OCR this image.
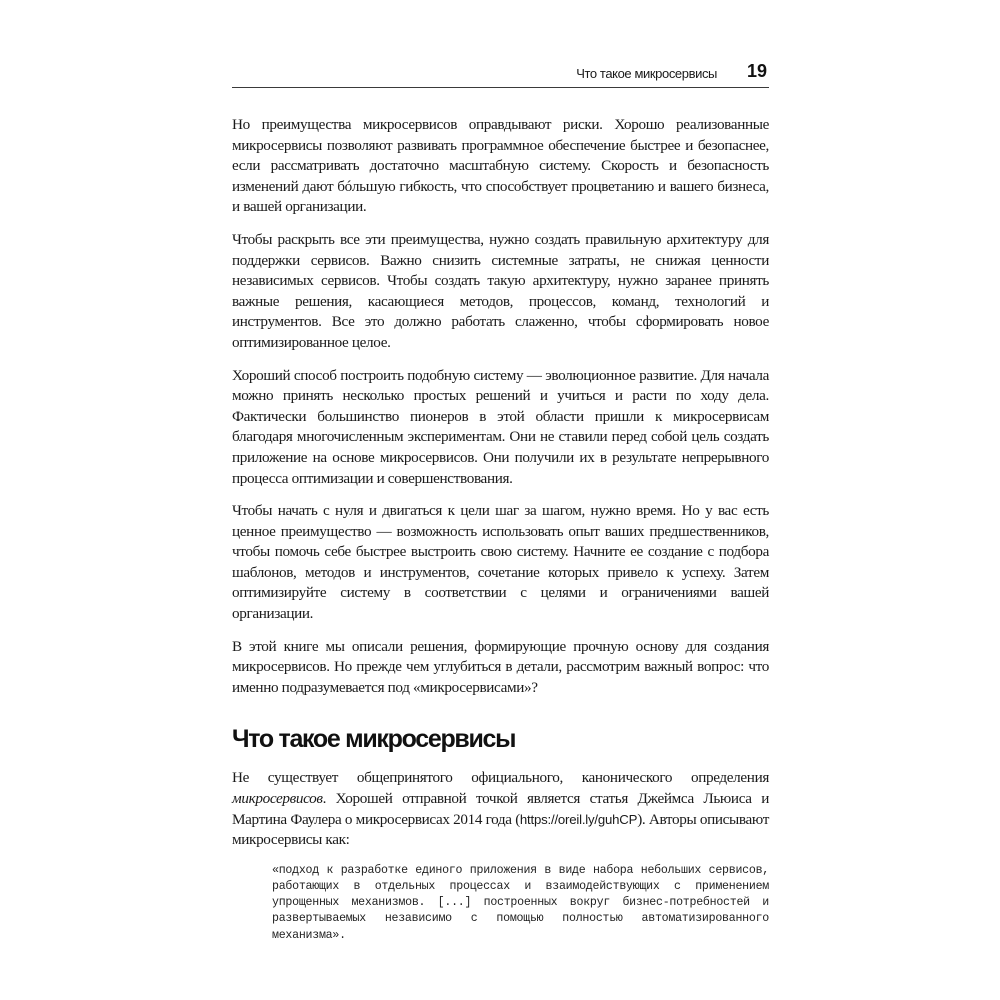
Что такое микросервисы 19

Но преимущества микросервисов оправдывают риски. Хорошо реализованные микросервисы позволяют развивать программное обеспечение быстрее и безопаснее, если рассматривать достаточно масштабную систему. Скорость и безопасность изменений дают бóльшую гибкость, что способствует процветанию и вашего бизнеса, и вашей организации.

Чтобы раскрыть все эти преимущества, нужно создать правильную архитектуру для поддержки сервисов. Важно снизить системные затраты, не снижая ценности независимых сервисов. Чтобы создать такую архитектуру, нужно заранее принять важные решения, касающиеся методов, процессов, команд, технологий и инструментов. Все это должно работать слаженно, чтобы сформировать новое оптимизированное целое.

Хороший способ построить подобную систему — эволюционное развитие. Для начала можно принять несколько простых решений и учиться и расти по ходу дела. Фактически большинство пионеров в этой области пришли к микросервисам благодаря многочисленным экспериментам. Они не ставили перед собой цель создать приложение на основе микросервисов. Они получили их в результате непрерывного процесса оптимизации и совершенствования.

Чтобы начать с нуля и двигаться к цели шаг за шагом, нужно время. Но у вас есть ценное преимущество — возможность использовать опыт ваших предшественников, чтобы помочь себе быстрее выстроить свою систему. Начните ее создание с подбора шаблонов, методов и инструментов, сочетание которых привело к успеху. Затем оптимизируйте систему в соответствии с целями и ограничениями вашей организации.

В этой книге мы описали решения, формирующие прочную основу для создания микросервисов. Но прежде чем углубиться в детали, рассмотрим важный вопрос: что именно подразумевается под «микросервисами»?

Что такое микросервисы

Не существует общепринятого официального, канонического определения микросервисов. Хорошей отправной точкой является статья Джеймса Льюиса и Мартина Фаулера о микросервисах 2014 года (https://oreil.ly/guhCP). Авторы описывают микросервисы как:

«подход к разработке единого приложения в виде набора небольших сервисов, работающих в отдельных процессах и взаимодействующих с применением упрощенных механизмов. [...] построенных вокруг бизнес-потребностей и развертываемых независимо с помощью полностью автоматизированного механизма».
